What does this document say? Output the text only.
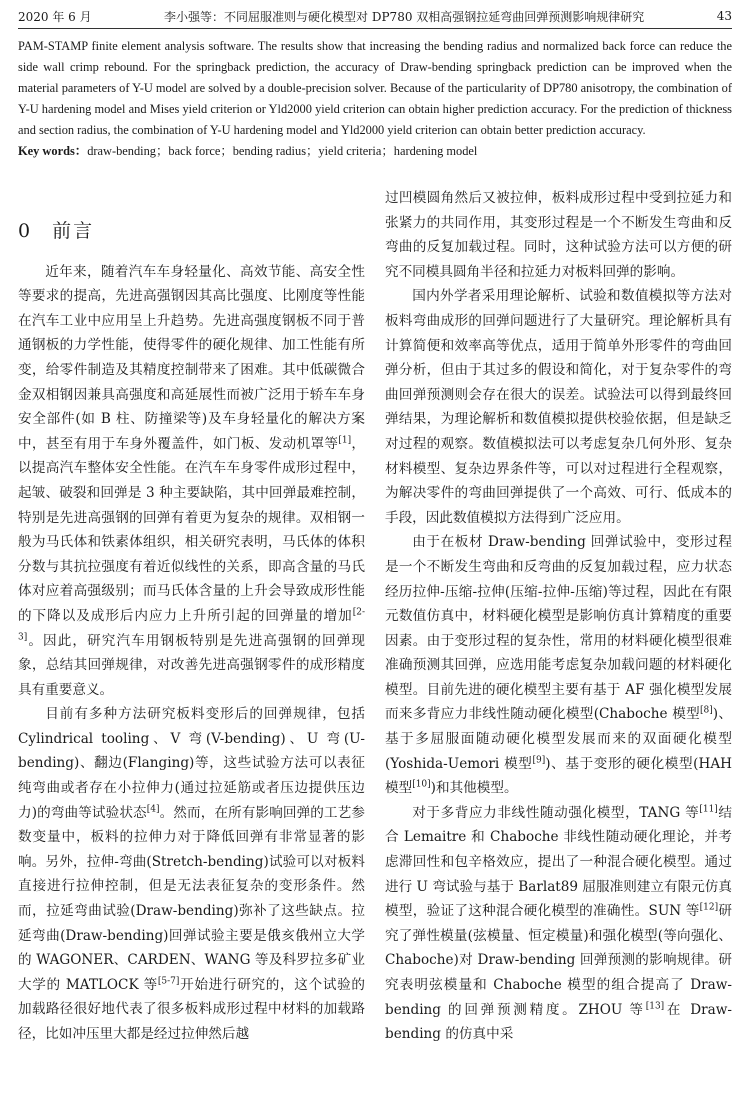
2020 年 6 月	李小强等：不同屈服准则与硬化模型对 DP780 双相高强钢拉延弯曲回弹预测影响规律研究	43

PAM-STAMP finite element analysis software. The results show that increasing the bending radius and normalized back force can reduce the side wall crimp rebound. For the springback prediction, the accuracy of Draw-bending springback prediction can be improved when the material parameters of Y-U model are solved by a double-precision solver. Because of the particularity of DP780 anisotropy, the combination of Y-U hardening model and Mises yield criterion or Yld2000 yield criterion can obtain higher prediction accuracy. For the prediction of thickness and section radius, the combination of Y-U hardening model and Yld2000 yield criterion can obtain better prediction accuracy.

Key words：draw-bending；back force；bending radius；yield criteria；hardening model

0 前言

近年来，随着汽车车身轻量化、高效节能、高安全性等要求的提高，先进高强钢因其高比强度、比刚度等性能在汽车工业中应用呈上升趋势。先进高强度钢板不同于普通钢板的力学性能，使得零件的硬化规律、加工性能有所变，给零件制造及其精度控制带来了困难。其中低碳微合金双相钢因兼具高强度和高延展性而被广泛用于轿车车身安全部件(如 B 柱、防撞梁等)及车身轻量化的解决方案中，甚至有用于车身外覆盖件，如门板、发动机罩等[1]，以提高汽车整体安全性能。在汽车车身零件成形过程中，起皱、破裂和回弹是 3 种主要缺陷，其中回弹最难控制，特别是先进高强钢的回弹有着更为复杂的规律。双相钢一般为马氏体和铁素体组织，相关研究表明，马氏体的体积分数与其抗拉强度有着近似线性的关系，即高含量的马氏体对应着高强级别；而马氏体含量的上升会导致成形性能的下降以及成形后内应力上升所引起的回弹量的增加[2-3]。因此，研究汽车用钢板特别是先进高强钢的回弹现象，总结其回弹规律，对改善先进高强钢零件的成形精度具有重要意义。

目前有多种方法研究板料变形后的回弹规律，包括 Cylindrical tooling、V 弯(V-bending)、U 弯(U-bending)、翻边(Flanging)等，这些试验方法可以表征纯弯曲或者存在小拉伸力(通过拉延筋或者压边提供压边力)的弯曲等试验状态[4]。然而，在所有影响回弹的工艺参数变量中，板料的拉伸力对于降低回弹有非常显著的影响。另外，拉伸-弯曲(Stretch-bending)试验可以对板料直接进行拉伸控制，但是无法表征复杂的变形条件。然而，拉延弯曲试验(Draw-bending)弥补了这些缺点。拉延弯曲(Draw-bending)回弹试验主要是俄亥俄州立大学的 WAGONER、CARDEN、WANG 等及科罗拉多矿业大学的 MATLOCK 等[5-7]开始进行研究的，这个试验的加载路径很好地代表了很多板料成形过程中材料的加载路径，比如冲压里大都是经过拉伸然后越

过凹模圆角然后又被拉伸，板料成形过程中受到拉延力和张紧力的共同作用，其变形过程是一个不断发生弯曲和反弯曲的反复加载过程。同时，这种试验方法可以方便的研究不同模具圆角半径和拉延力对板料回弹的影响。

国内外学者采用理论解析、试验和数值模拟等方法对板料弯曲成形的回弹问题进行了大量研究。理论解析具有计算简便和效率高等优点，适用于简单外形零件的弯曲回弹分析，但由于其过多的假设和简化，对于复杂零件的弯曲回弹预测则会存在很大的误差。试验法可以得到最终回弹结果，为理论解析和数值模拟提供校验依据，但是缺乏对过程的观察。数值模拟法可以考虑复杂几何外形、复杂材料模型、复杂边界条件等，可以对过程进行全程观察，为解决零件的弯曲回弹提供了一个高效、可行、低成本的手段，因此数值模拟方法得到广泛应用。

由于在板材 Draw-bending 回弹试验中，变形过程是一个不断发生弯曲和反弯曲的反复加载过程，应力状态经历拉伸-压缩-拉伸(压缩-拉伸-压缩)等过程，因此在有限元数值仿真中，材料硬化模型是影响仿真计算精度的重要因素。由于变形过程的复杂性，常用的材料硬化模型很难准确预测其回弹，应选用能考虑复杂加载问题的材料硬化模型。目前先进的硬化模型主要有基于 AF 强化模型发展而来多背应力非线性随动硬化模型(Chaboche 模型[8])、基于多屈服面随动硬化模型发展而来的双面硬化模型(Yoshida-Uemori 模型[9])、基于变形的硬化模型(HAH 模型[10])和其他模型。

对于多背应力非线性随动强化模型，TANG 等[11]结合 Lemaitre 和 Chaboche 非线性随动硬化理论，并考虑滞回性和包辛格效应，提出了一种混合硬化模型。通过进行 U 弯试验与基于 Barlat89 屈服准则建立有限元仿真模型，验证了这种混合硬化模型的准确性。SUN 等[12]研究了弹性模量(弦模量、恒定模量)和强化模型(等向强化、Chaboche)对 Draw-bending 回弹预测的影响规律。研究表明弦模量和 Chaboche 模型的组合提高了 Draw-bending 的回弹预测精度。ZHOU 等[13]在 Draw-bending 的仿真中采
